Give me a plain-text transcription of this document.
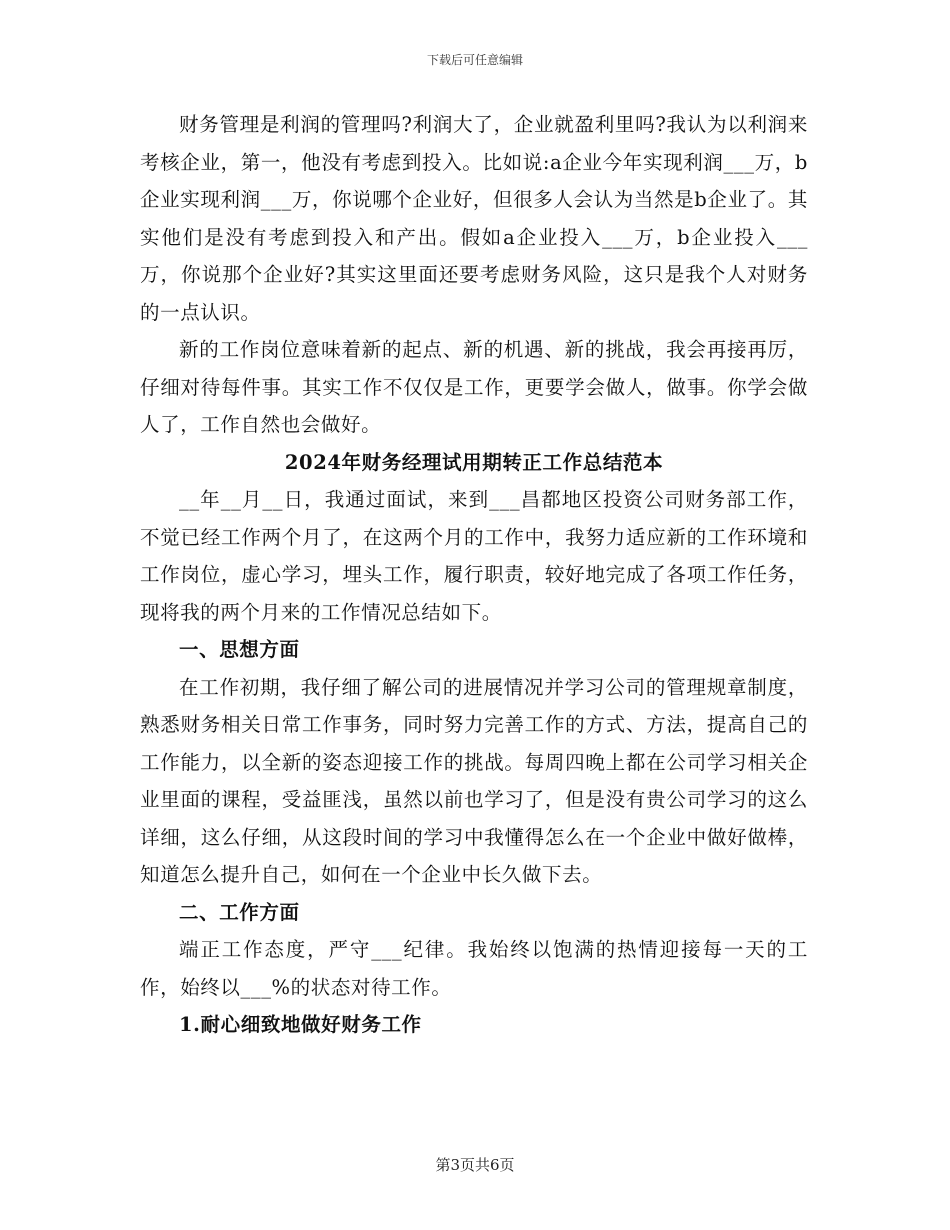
下载后可任意编辑

财务管理是利润的管理吗?利润大了，企业就盈利里吗?我认为以利润来考核企业，第一，他没有考虑到投入。比如说:a企业今年实现利润___万，b企业实现利润___万，你说哪个企业好，但很多人会认为当然是b企业了。其实他们是没有考虑到投入和产出。假如a企业投入___万，b企业投入___万，你说那个企业好?其实这里面还要考虑财务风险，这只是我个人对财务的一点认识。

新的工作岗位意味着新的起点、新的机遇、新的挑战，我会再接再厉，仔细对待每件事。其实工作不仅仅是工作，更要学会做人，做事。你学会做人了，工作自然也会做好。

2024年财务经理试用期转正工作总结范本

__年__月__日，我通过面试，来到___昌都地区投资公司财务部工作，不觉已经工作两个月了，在这两个月的工作中，我努力适应新的工作环境和工作岗位，虚心学习，埋头工作，履行职责，较好地完成了各项工作任务，现将我的两个月来的工作情况总结如下。

一、思想方面

在工作初期，我仔细了解公司的进展情况并学习公司的管理规章制度，熟悉财务相关日常工作事务，同时努力完善工作的方式、方法，提高自己的工作能力，以全新的姿态迎接工作的挑战。每周四晚上都在公司学习相关企业里面的课程，受益匪浅，虽然以前也学习了，但是没有贵公司学习的这么详细，这么仔细，从这段时间的学习中我懂得怎么在一个企业中做好做棒，知道怎么提升自己，如何在一个企业中长久做下去。

二、工作方面

端正工作态度，严守___纪律。我始终以饱满的热情迎接每一天的工作，始终以___%的状态对待工作。

1.耐心细致地做好财务工作
第3页共6页
